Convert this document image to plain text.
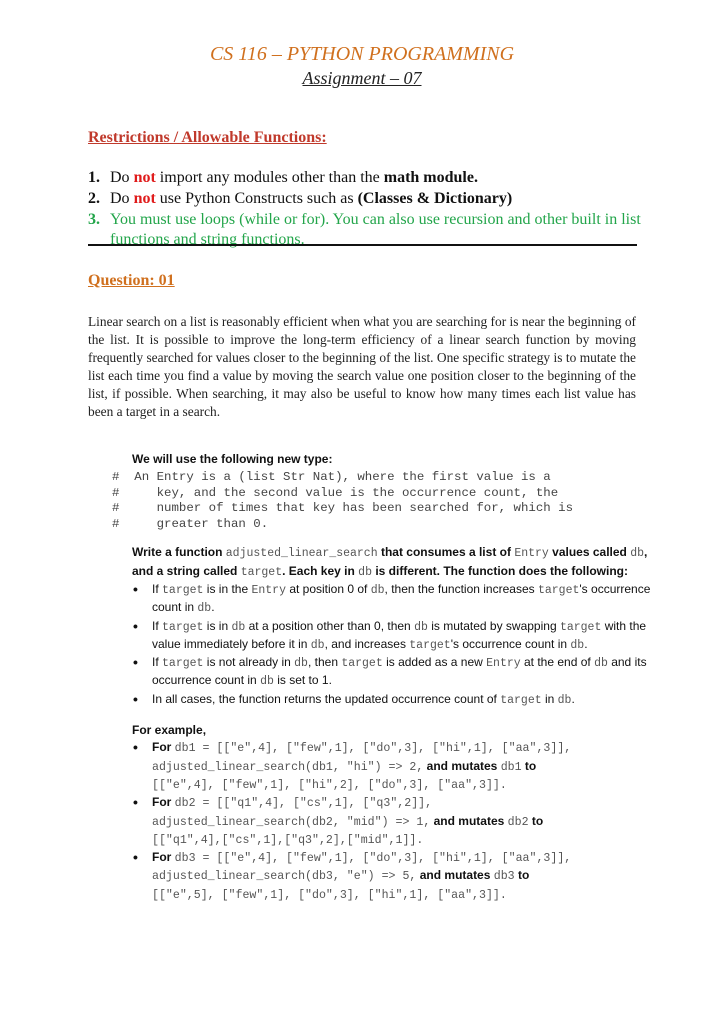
CS 116 – PYTHON PROGRAMMING
Assignment – 07
Restrictions / Allowable Functions:
1. Do not import any modules other than the math module.
2. Do not use Python Constructs such as (Classes & Dictionary)
3. You must use loops (while or for). You can also use recursion and other built in list functions and string functions.
Question: 01
Linear search on a list is reasonably efficient when what you are searching for is near the beginning of the list. It is possible to improve the long-term efficiency of a linear search function by moving frequently searched for values closer to the beginning of the list. One specific strategy is to mutate the list each time you find a value by moving the search value one position closer to the beginning of the list, if possible. When searching, it may also be useful to know how many times each list value has been a target in a search.
We will use the following new type:
#  An Entry is a (list Str Nat), where the first value is a
#     key, and the second value is the occurrence count, the
#     number of times that key has been searched for, which is
#     greater than 0.
Write a function adjusted_linear_search that consumes a list of Entry values called db, and a string called target. Each key in db is different. The function does the following:
• If target is in the Entry at position 0 of db, then the function increases target's occurrence count in db.
• If target is in db at a position other than 0, then db is mutated by swapping target with the value immediately before it in db, and increases target's occurrence count in db.
• If target is not already in db, then target is added as a new Entry at the end of db and its occurrence count in db is set to 1.
• In all cases, the function returns the updated occurrence count of target in db.
For example,
• For db1 = [["e",4], ["few",1], ["do",3], ["hi",1], ["aa",3]],
adjusted_linear_search(db1, "hi") => 2, and mutates db1 to
[["e",4], ["few",1], ["hi",2], ["do",3], ["aa",3]].
• For db2 = [["q1",4], ["cs",1], ["q3",2]],
adjusted_linear_search(db2, "mid") => 1, and mutates db2 to
[["q1",4],["cs",1],["q3",2],["mid",1]].
• For db3 = [["e",4], ["few",1], ["do",3], ["hi",1], ["aa",3]],
adjusted_linear_search(db3, "e") => 5, and mutates db3 to
[["e",5], ["few",1], ["do",3], ["hi",1], ["aa",3]].
